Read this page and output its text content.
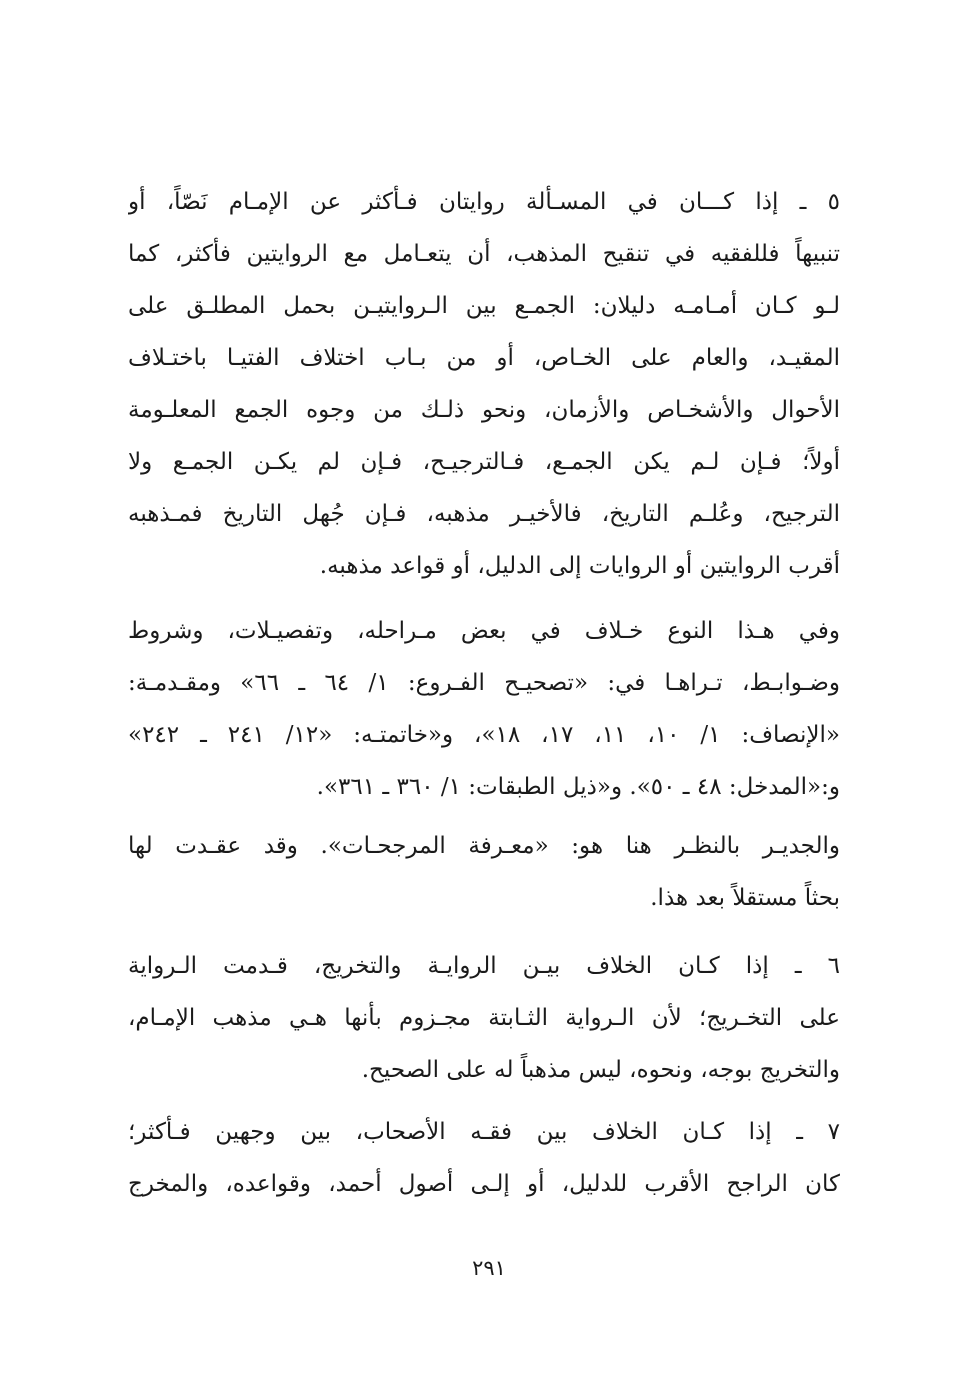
٥ ـ إذا كـــان في المسـألة روايتان فـأكثر عن الإمـام نَصّاً، أو
تنبيهاً فللفقيه في تنقيح المذهب، أن يتعـامل مع الروايتين فأكثر، كما
لـو كـان أمـامـه دليلان: الجمـع بين الـروايتيـن بحمل المطلـق على
المقيـد، والعام على الخـاص، أو من بـاب اختلاف الفتيـا باختـلاف
الأحوال والأشخـاص والأزمان، ونحو ذلـك من وجوه الجمع المعلـومة
أولاً؛ فـإن لـم يكن الجمـع، فـالترجيـح، فـإن لم يكـن الجمـع ولا
الترجيح، وعُلـم التاريخ، فالأخيـر مذهبه، فـإن جُهل التاريخ فمـذهبه
أقرب الروايتين أو الروايات إلى الدليل، أو قواعد مذهبه.
وفي هـذا النوع خـلاف في بعض مـراحله، وتفصيـلات، وشروط
وضـوابـط، تـراهـا في: «تصحيـح الفـروع: ١/ ٦٤ ـ ٦٦» ومقـدمـة:
«الإنصاف: ١/ ١٠، ١١، ١٧، ١٨»، و«خاتمتـه: «١٢/ ٢٤١ ـ ٢٤٢»
و:«المدخل: ٤٨ ـ ٥٠». و«ذيل الطبقات: ١/ ٣٦٠ ـ ٣٦١».
والجديـر بالنظـر هنا هو: «معـرفة المرجحـات». وقد عقـدت لها
بحثاً مستقلاً بعد هذا.
٦ ـ إذا كـان الخلاف بيـن الروايـة والتخريج، قـدمت الـرواية
على التخـريج؛ لأن الـرواية الثـابتة مجـزوم بأنها هـي مذهب الإمـام،
والتخريج بوجه، ونحوه، ليس مذهباً له على الصحيح.
٧ ـ إذا كـان الخلاف بين فقـه الأصحاب، بين وجهين فـأكثر؛
كان الراجح الأقرب للدليل، أو إلـى أصول أحمد، وقواعده، والمخرج
٢٩١
